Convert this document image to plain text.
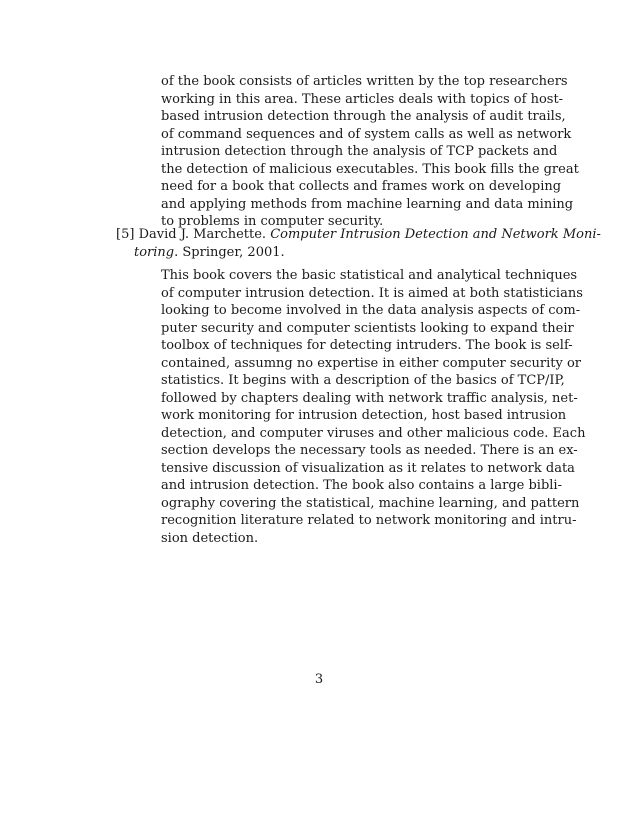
of the book consists of articles written by the top researchers
working in this area. These articles deals with topics of host-
based intrusion detection through the analysis of audit trails,
of command sequences and of system calls as well as network
intrusion detection through the analysis of TCP packets and
the detection of malicious executables. This book fills the great
need for a book that collects and frames work on developing
and applying methods from machine learning and data mining
to problems in computer security.
[5] David J. Marchette. Computer Intrusion Detection and Network Moni-
toring. Springer, 2001.
This book covers the basic statistical and analytical techniques
of computer intrusion detection. It is aimed at both statisticians
looking to become involved in the data analysis aspects of com-
puter security and computer scientists looking to expand their
toolbox of techniques for detecting intruders. The book is self-
contained, assumng no expertise in either computer security or
statistics. It begins with a description of the basics of TCP/IP,
followed by chapters dealing with network traffic analysis, net-
work monitoring for intrusion detection, host based intrusion
detection, and computer viruses and other malicious code. Each
section develops the necessary tools as needed. There is an ex-
tensive discussion of visualization as it relates to network data
and intrusion detection. The book also contains a large bibli-
ography covering the statistical, machine learning, and pattern
recognition literature related to network monitoring and intru-
sion detection.
3
